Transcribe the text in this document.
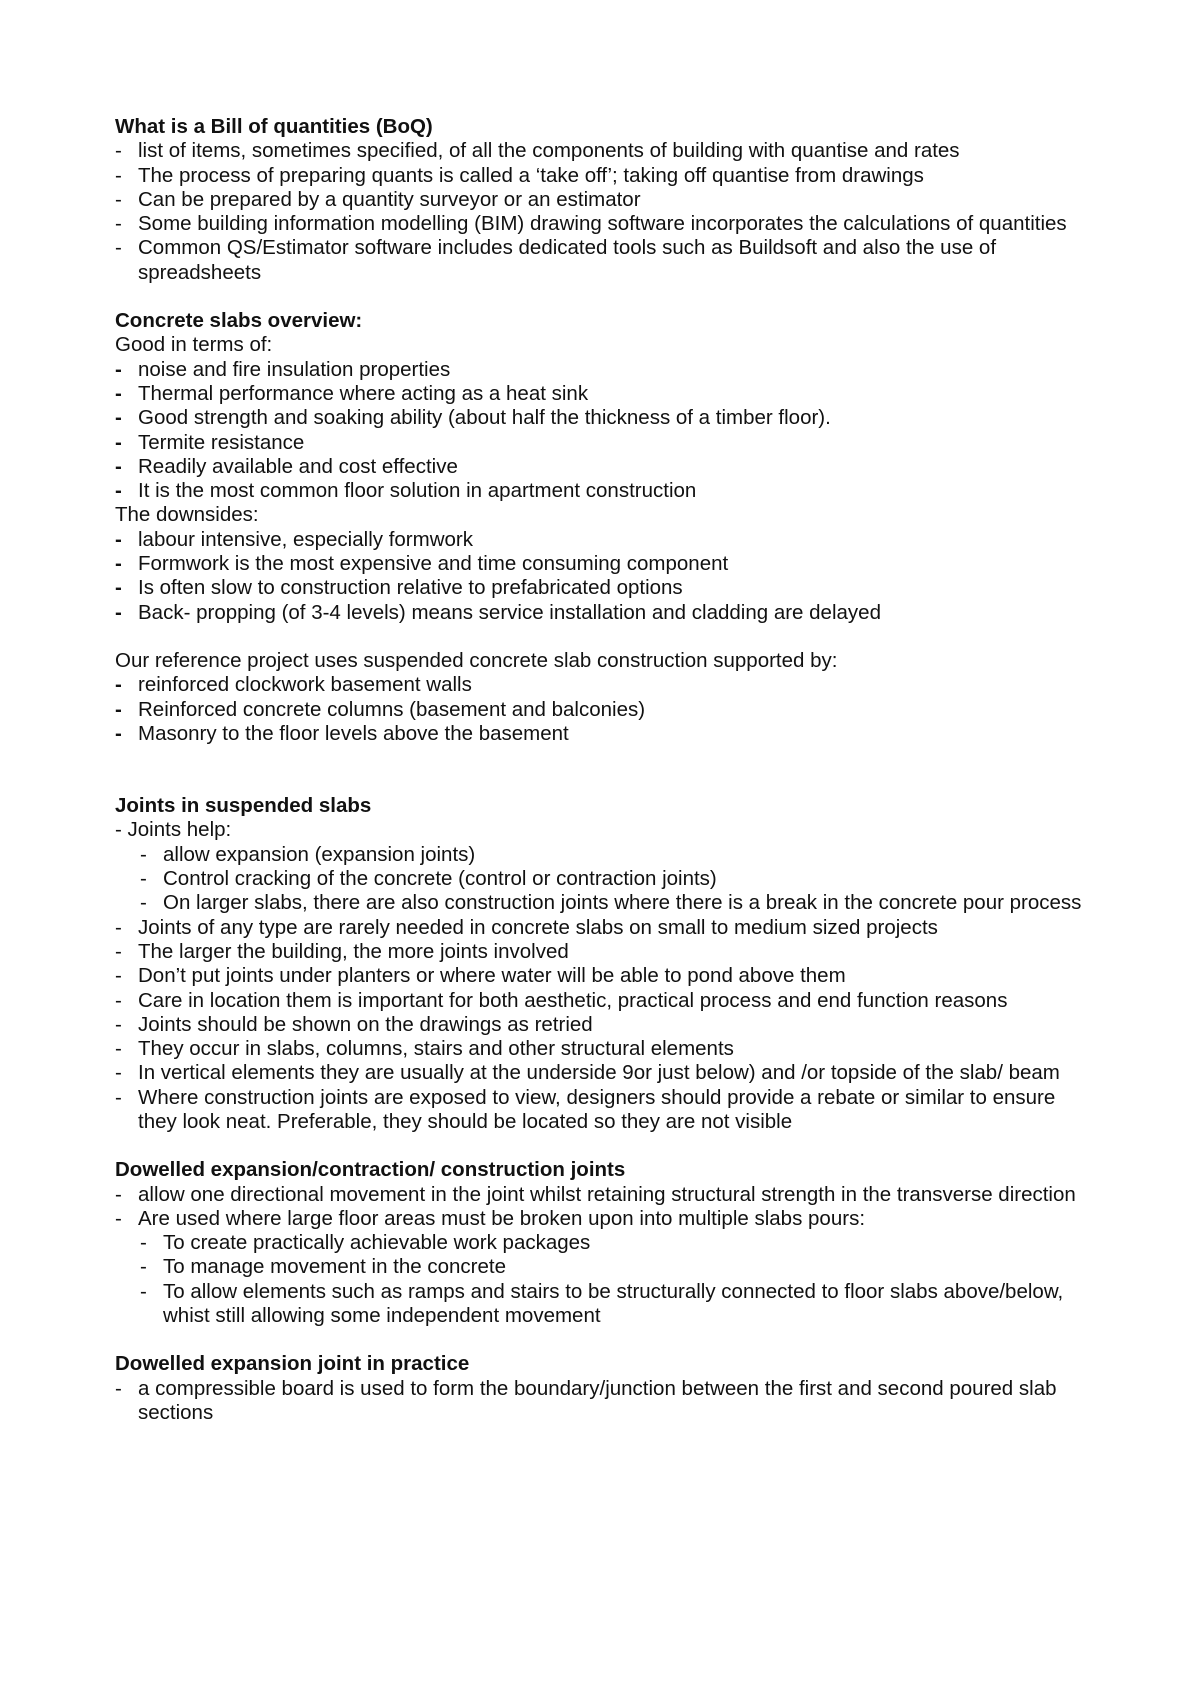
What is a Bill of quantities (BoQ)

- list of items, sometimes specified, of all the components of building with quantise and rates

- The process of preparing quants is called a ‘take off’; taking off quantise from drawings

- Can be prepared by a quantity surveyor or an estimator

- Some building information modelling (BIM) drawing software incorporates the calculations of quantities

- Common QS/Estimator software includes dedicated tools such as Buildsoft and also the use of spreadsheets

Concrete slabs overview:

Good in terms of:

- noise and fire insulation properties

- Thermal performance where acting as a heat sink

- Good strength and soaking ability (about half the thickness of a timber floor).

- Termite resistance

- Readily available and cost effective

- It is the most common floor solution in apartment construction

The downsides:

- labour intensive, especially formwork

- Formwork is the most expensive and time consuming component

- Is often slow to construction relative to prefabricated options

- Back- propping (of 3-4 levels) means service installation and cladding are delayed

Our reference project uses suspended concrete slab construction supported by:

- reinforced clockwork basement walls

- Reinforced concrete columns (basement and balconies)

- Masonry to the floor levels above the basement

Joints in suspended slabs

- Joints help:

- allow expansion (expansion joints)

- Control cracking of the concrete (control or contraction joints)

- On larger slabs, there are also construction joints where there is a break in the concrete pour process

- Joints of any type are rarely needed in concrete slabs on small to medium sized projects

- The larger the building, the more joints involved

- Don’t put joints under planters or where water will be able to pond above them

- Care in location them is important for both aesthetic, practical process and end function reasons

- Joints should be shown on the drawings as retried

- They occur in slabs, columns, stairs and other structural elements

- In vertical elements they are usually at the underside 9or just below) and /or topside of the slab/ beam

- Where construction joints are exposed to view, designers should provide a rebate or similar to ensure they look neat. Preferable, they should be located so they are not visible

Dowelled expansion/contraction/ construction joints

- allow one directional movement in the joint whilst retaining structural strength in the transverse direction

- Are used where large floor areas must be broken upon into multiple slabs pours:

- To create practically achievable work packages

- To manage movement in the concrete

- To allow elements such as ramps and stairs to be structurally connected to floor slabs above/below, whist still allowing some independent movement

Dowelled expansion joint in practice

- a compressible board is used to form the boundary/junction between the first and second poured slab sections
